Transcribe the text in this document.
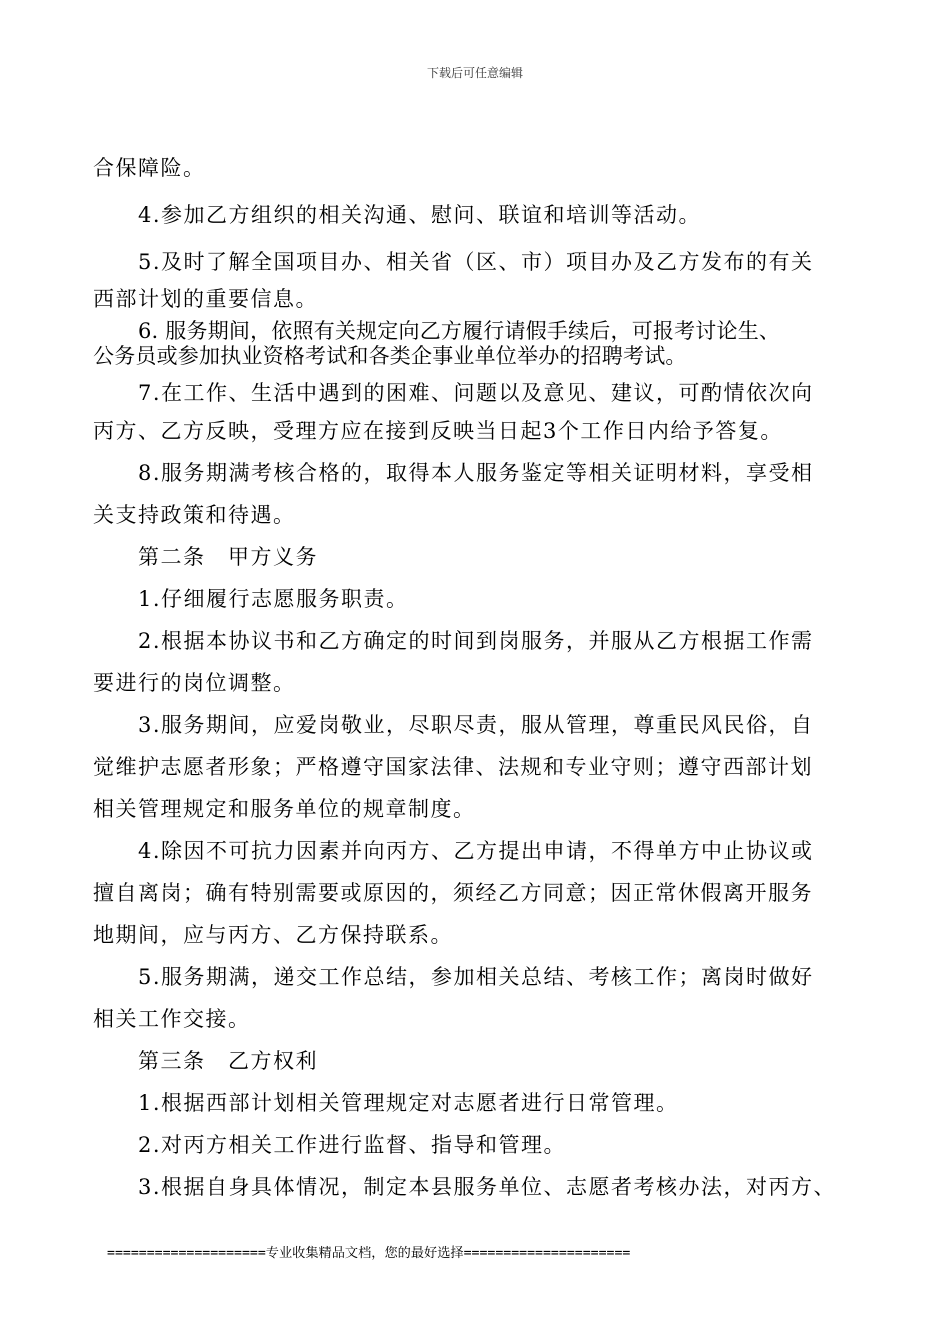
下载后可任意编辑
合保障险。
4.参加乙方组织的相关沟通、慰问、联谊和培训等活动。
5.及时了解全国项目办、相关省（区、市）项目办及乙方发布的有关
西部计划的重要信息。
6. 服务期间，依照有关规定向乙方履行请假手续后，可报考讨论生、
公务员或参加执业资格考试和各类企事业单位举办的招聘考试。
7.在工作、生活中遇到的困难、问题以及意见、建议，可酌情依次向
丙方、乙方反映，受理方应在接到反映当日起3个工作日内给予答复。
8.服务期满考核合格的，取得本人服务鉴定等相关证明材料，享受相
关支持政策和待遇。
第二条　甲方义务
1.仔细履行志愿服务职责。
2.根据本协议书和乙方确定的时间到岗服务，并服从乙方根据工作需
要进行的岗位调整。
3.服务期间，应爱岗敬业，尽职尽责，服从管理，尊重民风民俗，自
觉维护志愿者形象；严格遵守国家法律、法规和专业守则；遵守西部计划
相关管理规定和服务单位的规章制度。
4.除因不可抗力因素并向丙方、乙方提出申请，不得单方中止协议或
擅自离岗；确有特别需要或原因的，须经乙方同意；因正常休假离开服务
地期间，应与丙方、乙方保持联系。
5.服务期满，递交工作总结，参加相关总结、考核工作；离岗时做好
相关工作交接。
第三条　乙方权利
1.根据西部计划相关管理规定对志愿者进行日常管理。
2.对丙方相关工作进行监督、指导和管理。
3.根据自身具体情况，制定本县服务单位、志愿者考核办法，对丙方、
====================专业收集精品文档，您的最好选择=====================
